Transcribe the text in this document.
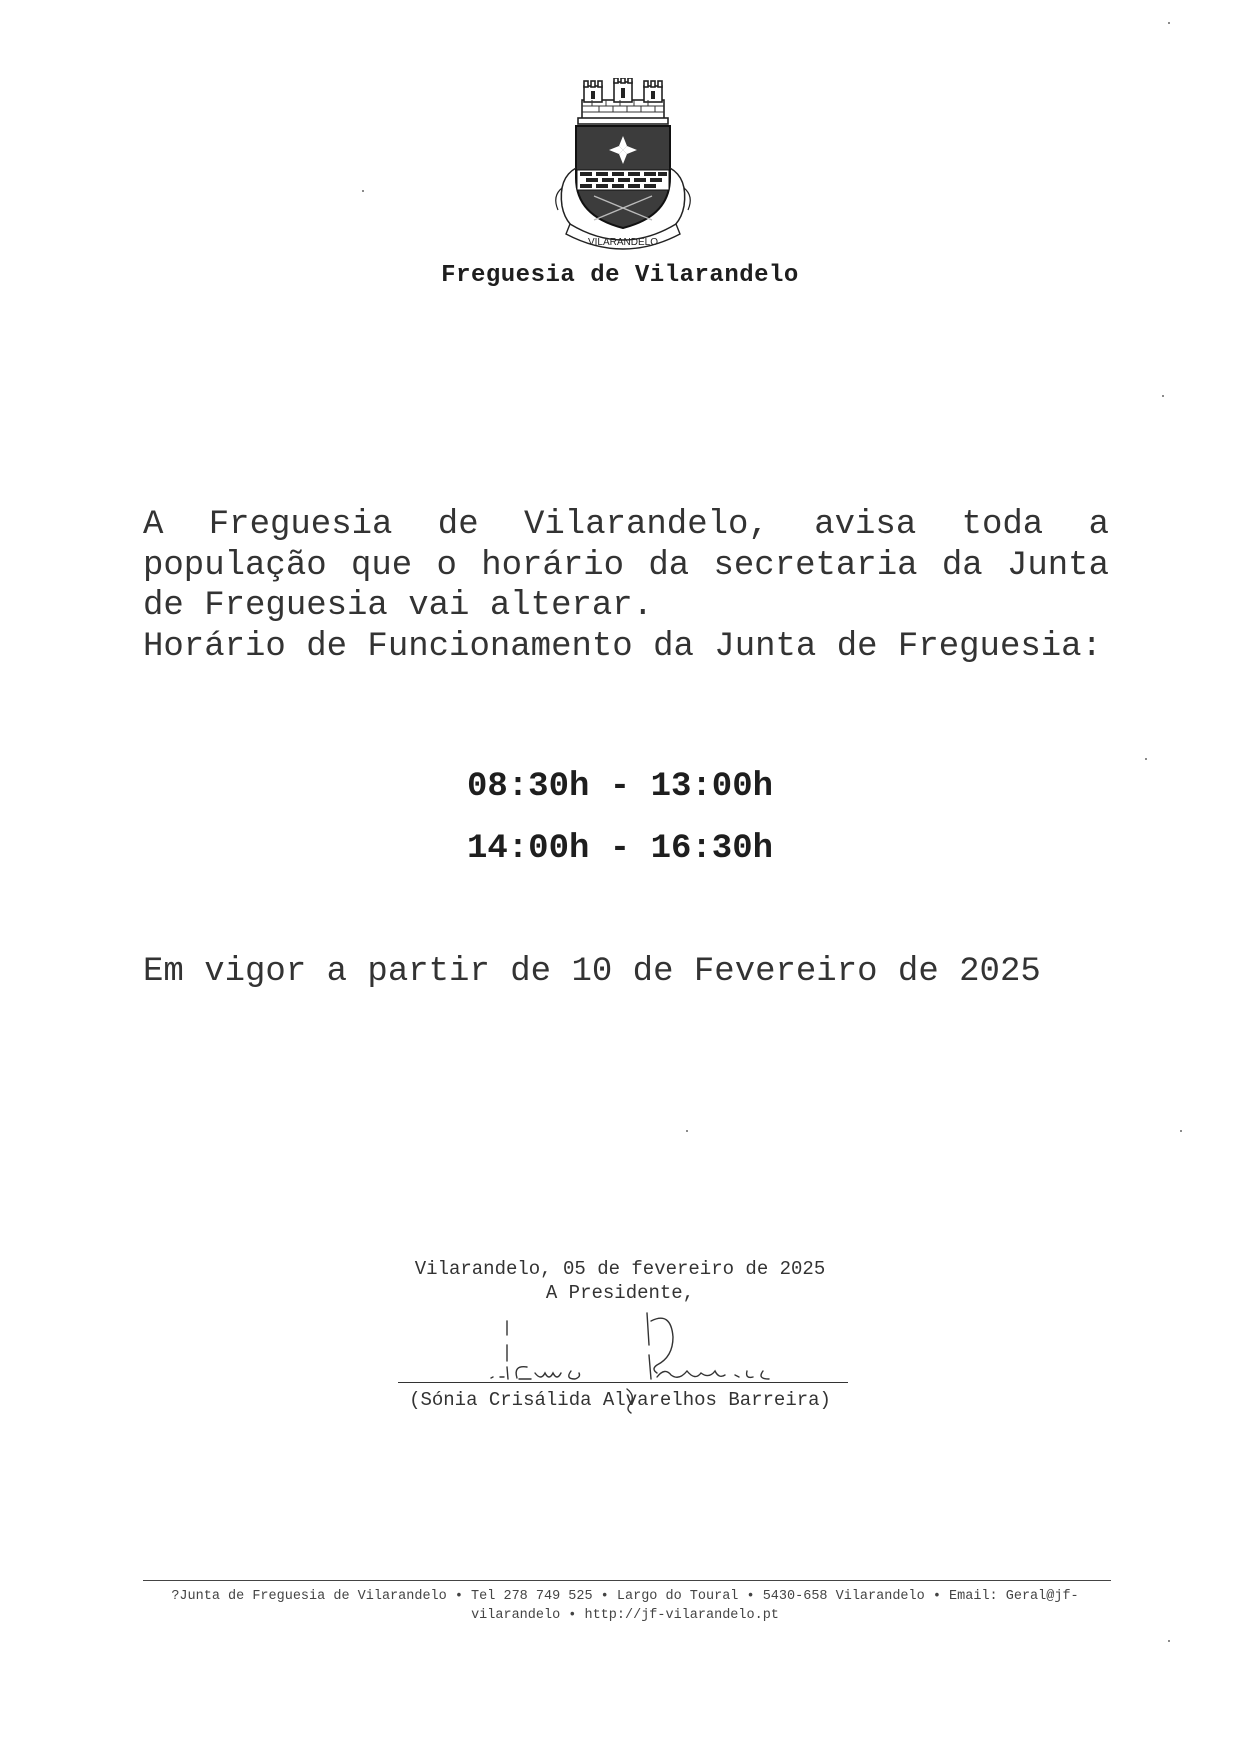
VILARANDELO
Freguesia de Vilarandelo

A Freguesia de Vilarandelo, avisa toda a população que o horário da secretaria da Junta de Freguesia vai alterar.

Horário de Funcionamento da Junta de Freguesia:

08:30h - 13:00h
14:00h - 16:30h
Em vigor a partir de 10 de Fevereiro de 2025
Vilarandelo, 05 de fevereiro de 2025
A Presidente,
(Sónia Crisálida Alvarelhos Barreira)
?Junta de Freguesia de Vilarandelo • Tel 278 749 525 • Largo do Toural • 5430-658 Vilarandelo • Email: Geral@jf-
vilarandelo • http://jf-vilarandelo.pt
